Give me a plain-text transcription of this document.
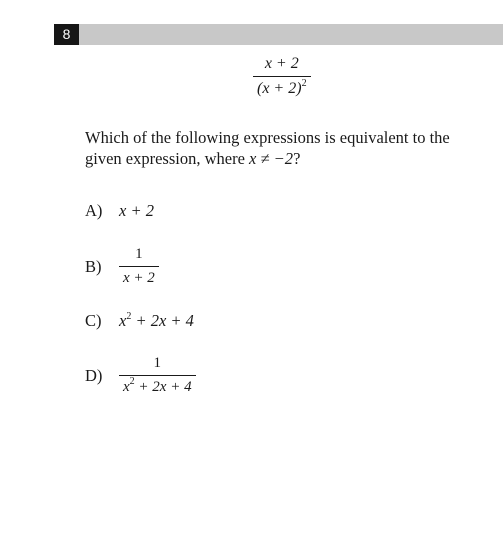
8
$\frac{x + 2}{(x + 2)^2}$
Which of the following expressions is equivalent to the given expression, where x ≠ −2?
A)	x + 2
B)	$\frac{1}{x + 2}$
C)	$x^2 + 2x + 4$
D)	$\frac{1}{x^2 + 2x + 4}$
